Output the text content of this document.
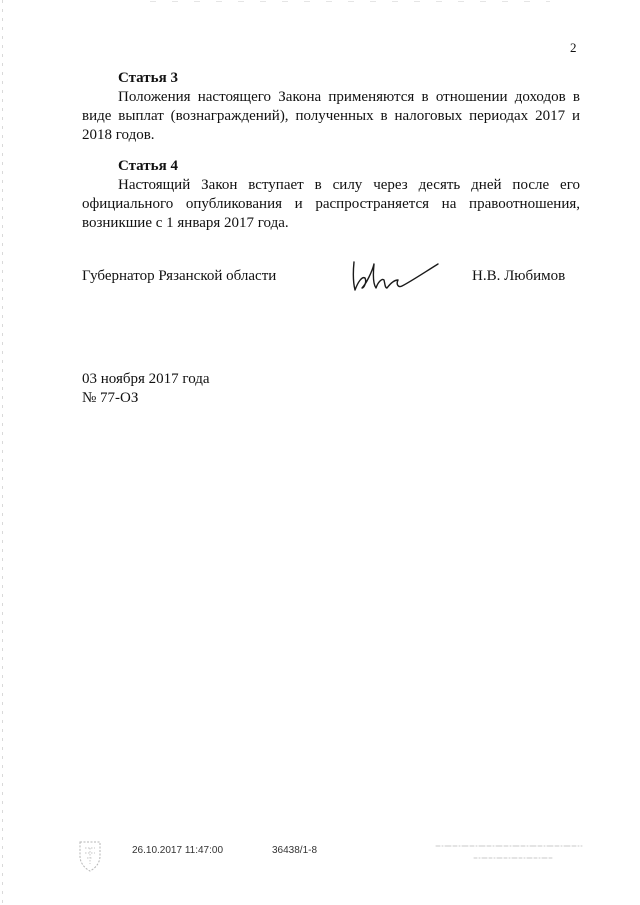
2

Статья 3

Положения настоящего Закона применяются в отношении доходов в виде выплат (вознаграждений), полученных в налоговых периодах 2017 и 2018 годов.

Статья 4

Настоящий Закон вступает в силу через десять дней после его официального опубликования и распространяется на правоотношения, возникшие с 1 января 2017 года.

Губернатор Рязанской области	Н.В. Любимов
03 ноября 2017 года
№ 77-ОЗ
26.10.2017 11:47:00	36438/1-8
